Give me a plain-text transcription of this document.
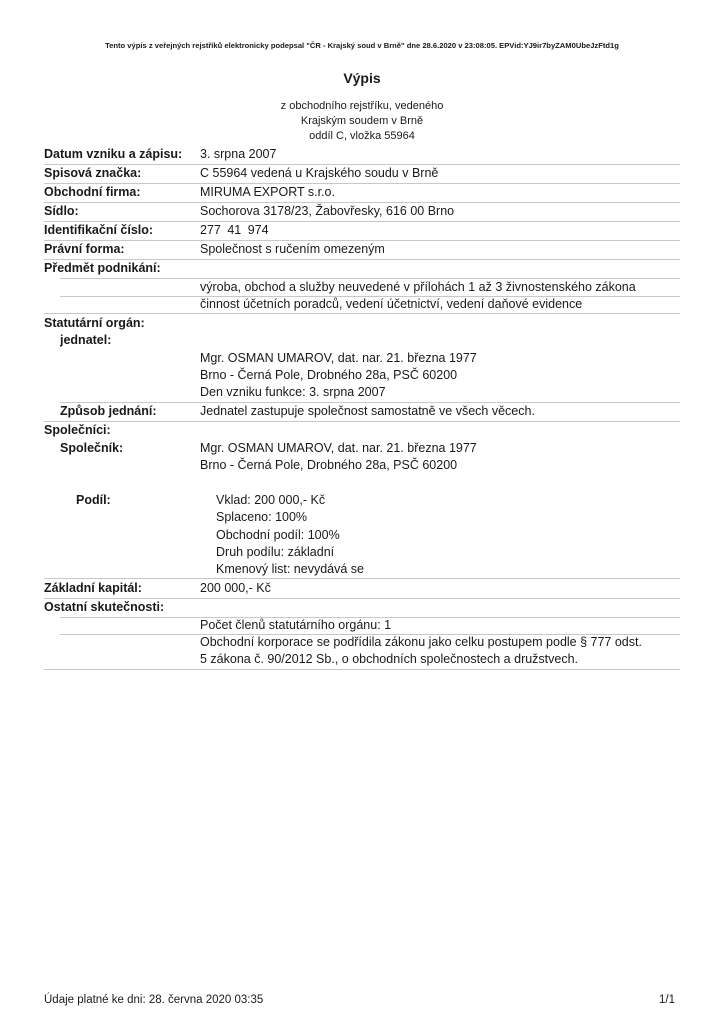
Tento výpis z veřejných rejstříků elektronicky podepsal "ČR - Krajský soud v Brně" dne 28.6.2020 v 23:08:05. EPVid:YJ9ir7byZAM0UbeJzFtd1g
Výpis
z obchodního rejstříku, vedeného
Krajským soudem v Brně
oddíl C, vložka 55964
Datum vzniku a zápisu: 3. srpna 2007
Spisová značka:	C 55964 vedená u Krajského soudu v Brně
Obchodní firma:	MIRUMA EXPORT s.r.o.
Sídlo:	Sochorova 3178/23, Žabovřesky, 616 00 Brno
Identifikační číslo:	277 41 974
Právní forma:	Společnost s ručením omezeným
Předmět podnikání:
výroba, obchod a služby neuvedené v přílohách 1 až 3 živnostenského zákona
činnost účetních poradců, vedení účetnictví, vedení daňové evidence
Statutární orgán:
jednatel:
Mgr. OSMAN UMAROV, dat. nar. 21. března 1977
Brno - Černá Pole, Drobného 28a, PSČ 60200
Den vzniku funkce: 3. srpna 2007
Způsob jednání:	Jednatel zastupuje společnost samostatně ve všech věcech.
Společníci:
Společník:	Mgr. OSMAN UMAROV, dat. nar. 21. března 1977
Brno - Černá Pole, Drobného 28a, PSČ 60200
Podíl:	Vklad: 200 000,- Kč
Splaceno: 100%
Obchodní podíl: 100%
Druh podílu: základní
Kmenový list: nevydává se
Základní kapitál:	200 000,- Kč
Ostatní skutečnosti:
Počet členů statutárního orgánu: 1
Obchodní korporace se podřídila zákonu jako celku postupem podle § 777 odst.
5 zákona č. 90/2012 Sb., o obchodních společnostech a družstvech.
Údaje platné ke dni: 28. června 2020 03:35	1/1
